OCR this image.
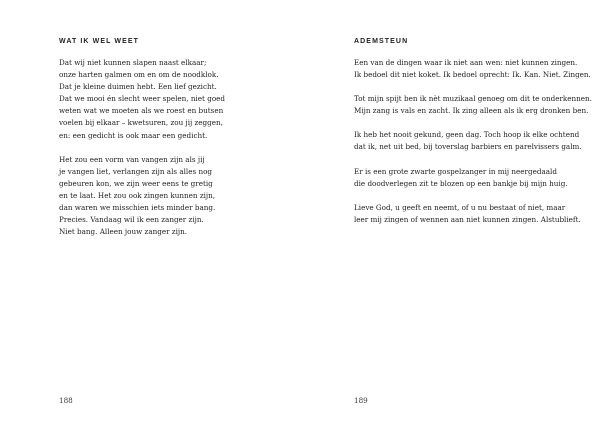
WAT IK WEL WEET
Dat wij niet kunnen slapen naast elkaar;
onze harten galmen om en om de noodklok.
Dat je kleine duimen hebt. Een lief gezicht.
Dat we mooi én slecht weer spelen, niet goed
weten wat we moeten als we roest en butsen
voelen bij elkaar – kwetsuren, zou jij zeggen,
en: een gedicht is ook maar een gedicht.
Het zou een vorm van vangen zijn als jij
je vangen liet, verlangen zijn als alles nog
gebeuren kon, we zijn weer eens te gretig
en te laat. Het zou ook zingen kunnen zijn,
dan waren we misschien iets minder bang.
Precies. Vandaag wil ik een zanger zijn.
Niet bang. Alleen jouw zanger zijn.
188
ADEMSTEUN
Een van de dingen waar ik niet aan wen: niet kunnen zingen.
Ik bedoel dit niet koket. Ik bedoel oprecht: Ik. Kan. Niet. Zingen.
Tot mijn spijt ben ik nèt muzikaal genoeg om dit te onderkennen.
Mijn zang is vals en zacht. Ik zing alleen als ik erg dronken ben.
Ik heb het nooit gekund, geen dag. Toch hoop ik elke ochtend
dat ik, net uit bed, bij toverslag barbiers en parelvissers galm.
Er is een grote zwarte gospelzanger in mij neergedaald
die doodverlegen zit te blozen op een bankje bij mijn huig.
Lieve God, u geeft en neemt, of u nu bestaat of niet, maar
leer mij zingen of wennen aan niet kunnen zingen. Alstublieft.
189
